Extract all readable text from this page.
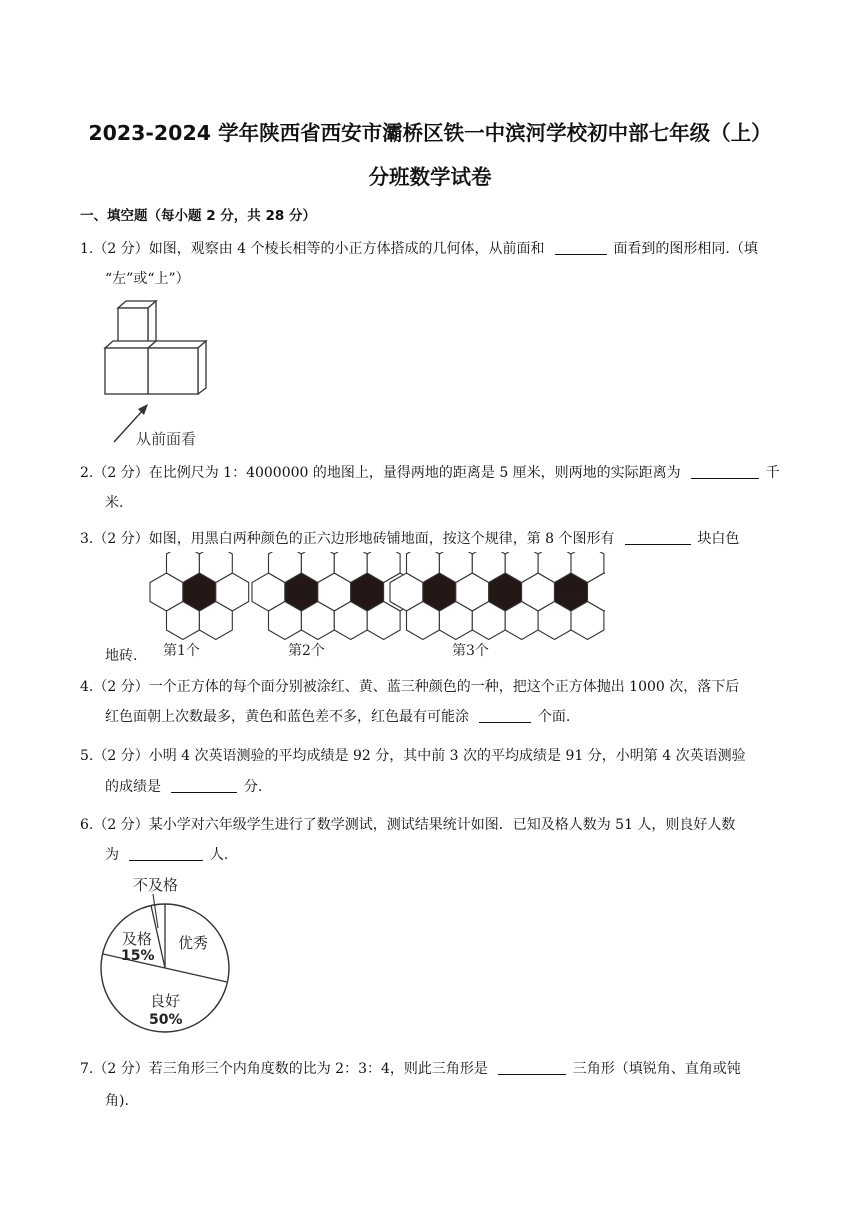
2023-2024 学年陕西省西安市灞桥区铁一中滨河学校初中部七年级（上）
分班数学试卷
一、填空题（每小题 2 分，共 28 分）
1.（2 分）如图，观察由 4 个棱长相等的小正方体搭成的几何体，从前面和	面看到的图形相同.（填
“左”或“上”）
从前面看
2.（2 分）在比例尺为 1：4000000 的地图上，量得两地的距离是 5 厘米，则两地的实际距离为	千
米.
3.（2 分）如图，用黑白两种颜色的正六边形地砖铺地面，按这个规律，第 8 个图形有	块白色
第1个	第2个	第3个
……
地砖.
4.（2 分）一个正方体的每个面分别被涂红、黄、蓝三种颜色的一种，把这个正方体抛出 1000 次，落下后
红色面朝上次数最多，黄色和蓝色差不多，红色最有可能涂	个面.
5.（2 分）小明 4 次英语测验的平均成绩是 92 分，其中前 3 次的平均成绩是 91 分，小明第 4 次英语测验
的成绩是	分.
6.（2 分）某小学对六年级学生进行了数学测试，测试结果统计如图．已知及格人数为 51 人，则良好人数
为	人.
不及格
及格
15%
优秀
良好
50%
7.（2 分）若三角形三个内角度数的比为 2：3：4，则此三角形是	三角形（填锐角、直角或钝
角).
